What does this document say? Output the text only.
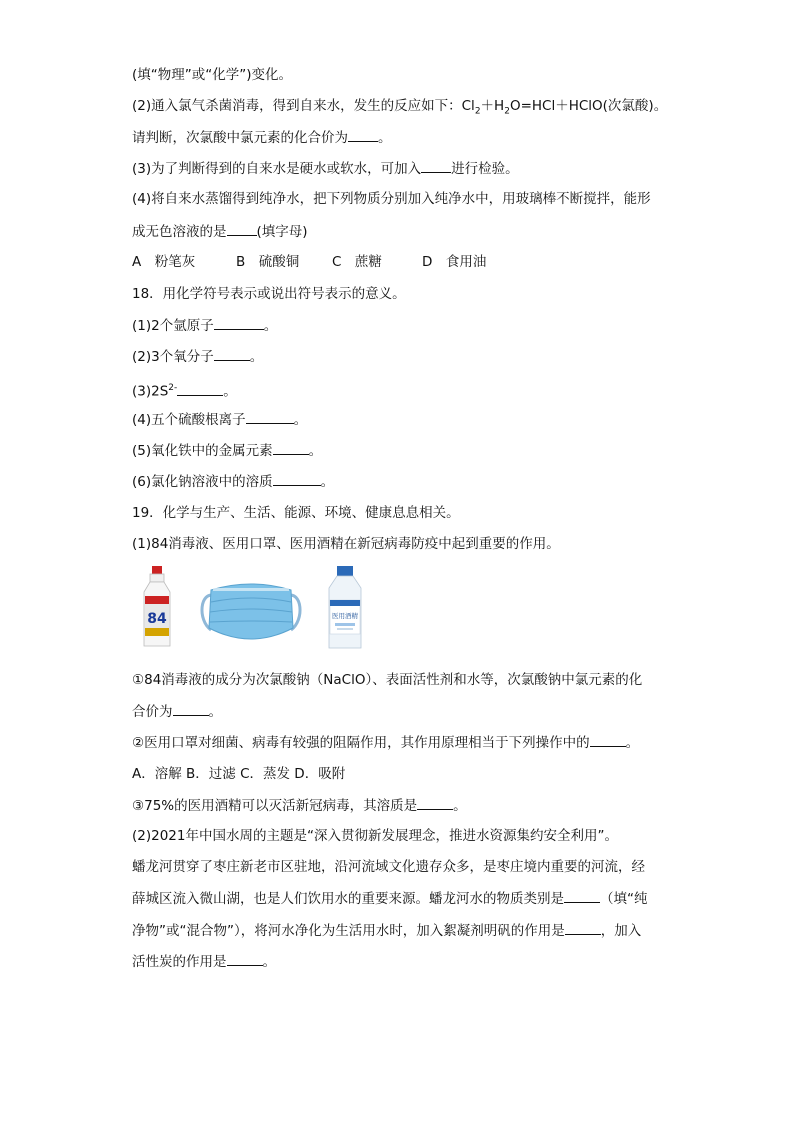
(填“物理”或“化学”)变化。
(2)通入氯气杀菌消毒，得到自来水，发生的反应如下：$Cl_2+H_2O=HCl+HClO$(次氯酸)。
请判断，次氯酸中氯元素的化合价为 。
(3)为了判断得到的自来水是硬水或软水，可加入 进行检验。
(4)将自来水蒸馏得到纯净水，把下列物质分别加入纯净水中，用玻璃棒不断搅拌，能形
成无色溶液的是 (填字母)
A　粉笔灰	B　硫酸铜 C　蔗糖	D　食用油
18．用化学符号表示或说出符号表示的意义。
(1)2个氩原子	。
(2)3个氧分子	。
$(3)2S^{2-}$	。
(4)五个硫酸根离子	。
(5)氧化铁中的金属元素	。
(6)氯化钠溶液中的溶质	。
19．化学与生产、生活、能源、环境、健康息息相关。
(1)84消毒液、医用口罩、医用酒精在新冠病毒防疫中起到重要的作用。
84	医用酒精
①84消毒液的成分为次氯酸钠（NaClO）、表面活性剂和水等，次氯酸钠中氯元素的化
合价为	。
②医用口罩对细菌、病毒有较强的阻隔作用，其作用原理相当于下列操作中的	。
A．溶解 B．过滤 C．蒸发 D．吸附
③75%的医用酒精可以灭活新冠病毒，其溶质是	。
(2)2021年中国水周的主题是“深入贯彻新发展理念，推进水资源集约安全利用”。
蟠龙河贯穿了枣庄新老市区驻地，沿河流域文化遗存众多，是枣庄境内重要的河流，经
薛城区流入微山湖，也是人们饮用水的重要来源。蟠龙河水的物质类别是	（填“纯
净物”或“混合物”），将河水净化为生活用水时，加入絮凝剂明矾的作用是	，加入
活性炭的作用是	。
